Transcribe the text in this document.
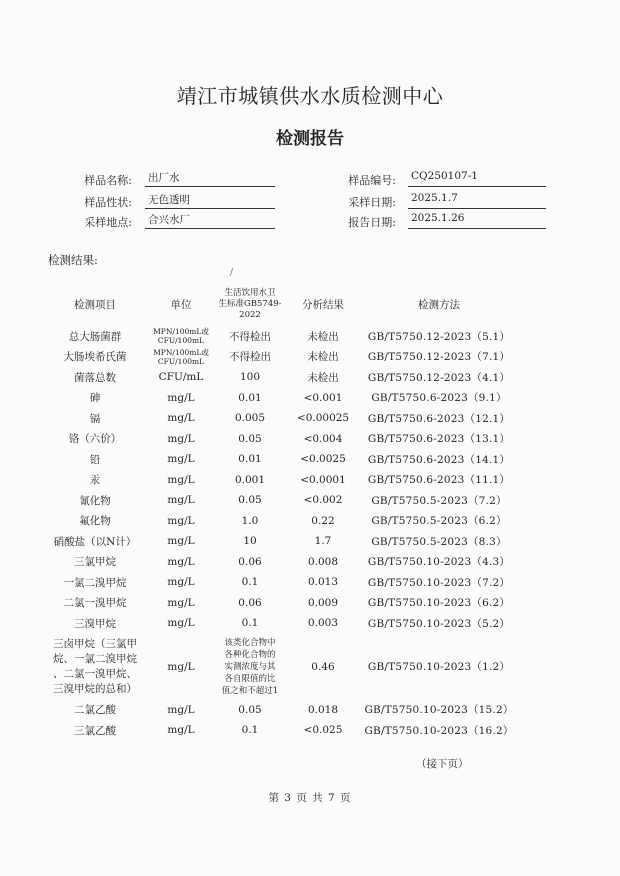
靖江市城镇供水水质检测中心
检测报告
样品名称: 出厂水	样品编号: CQ250107-1
样品性状: 无色透明	采样日期: 2025.1.7
采样地点: 合兴水厂	报告日期: 2025.1.26
检测结果:
/
检测项目	单位	生活饮用水卫
生标准GB5749-
2022	分析结果	检测方法
总大肠菌群	MPN/100mL或
CFU/100mL	不得检出	未检出	GB/T5750.12-2023（5.1）
大肠埃希氏菌	MPN/100mL或
CFU/100mL	不得检出	未检出	GB/T5750.12-2023（7.1）
菌落总数	CFU/mL	100	未检出	GB/T5750.12-2023（4.1）
砷	mg/L	0.01	<0.001	GB/T5750.6-2023（9.1）
镉	mg/L	0.005	<0.00025	GB/T5750.6-2023（12.1）
铬（六价）	mg/L	0.05	<0.004	GB/T5750.6-2023（13.1）
铅	mg/L	0.01	<0.0025	GB/T5750.6-2023（14.1）
汞	mg/L	0.001	<0.0001	GB/T5750.6-2023（11.1）
氰化物	mg/L	0.05	<0.002	GB/T5750.5-2023（7.2）
氟化物	mg/L	1.0	0.22	GB/T5750.5-2023（6.2）
硝酸盐（以N计）	mg/L	10	1.7	GB/T5750.5-2023（8.3）
三氯甲烷	mg/L	0.06	0.008	GB/T5750.10-2023（4.3）
一氯二溴甲烷	mg/L	0.1	0.013	GB/T5750.10-2023（7.2）
二氯一溴甲烷	mg/L	0.06	0.009	GB/T5750.10-2023（6.2）
三溴甲烷	mg/L	0.1	0.003	GB/T5750.10-2023（5.2）
三卤甲烷（三氯甲
烷、一氯二溴甲烷
、二氯一溴甲烷、
三溴甲烷的总和）	mg/L	该类化合物中
各种化合物的
实测浓度与其
各自限值的比
值之和不超过1	0.46	GB/T5750.10-2023（1.2）
二氯乙酸	mg/L	0.05	0.018	GB/T5750.10-2023（15.2）
三氯乙酸	mg/L	0.1	<0.025	GB/T5750.10-2023（16.2）
（接下页）
第 3 页 共 7 页
